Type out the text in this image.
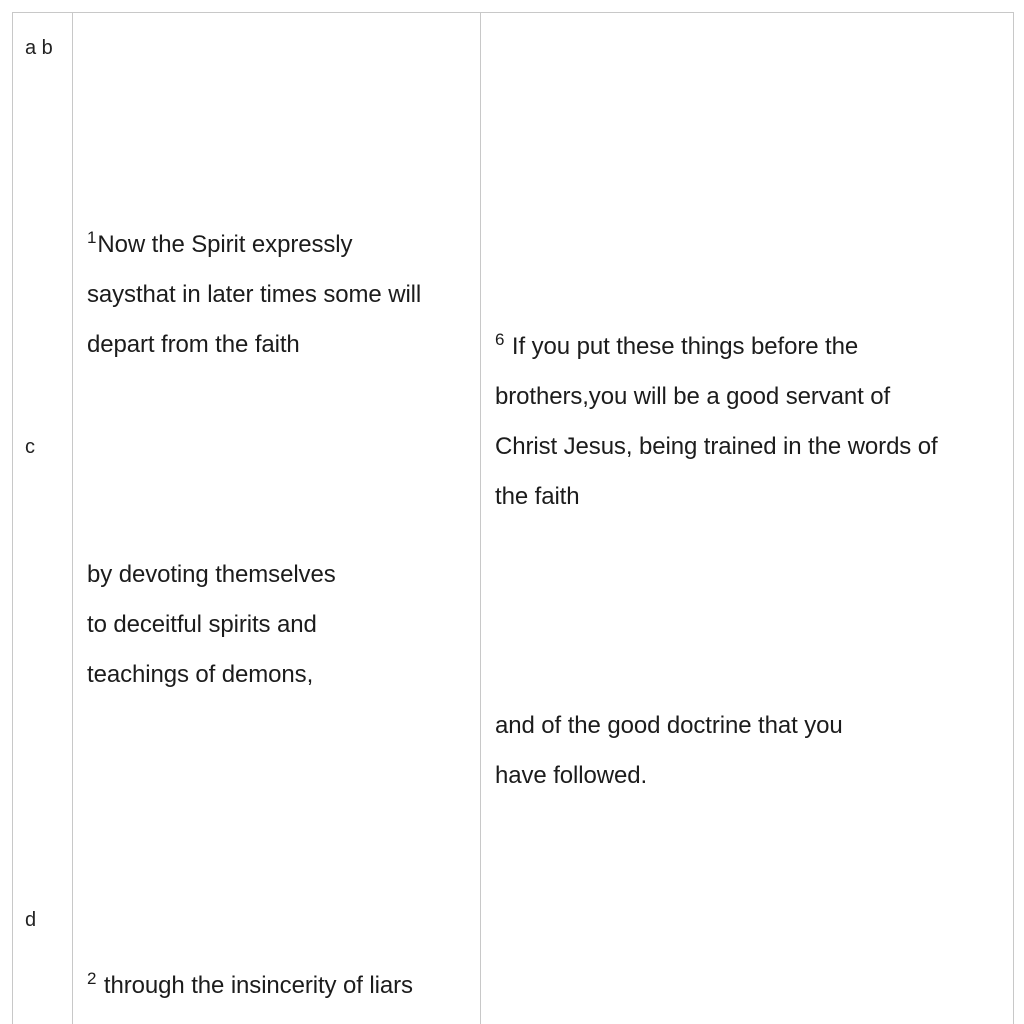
a b
c
d
$^1$Now the Spirit expressly
saysthat in later times some will
depart from the faith
by devoting themselves
to deceitful spirits and
teachings of demons,
$^2$ through the insincerity of liars
$^6$ If you put these things before the
brothers,you will be a good servant of
Christ Jesus, being trained in the words of
the faith
and of the good doctrine that you
have followed.
